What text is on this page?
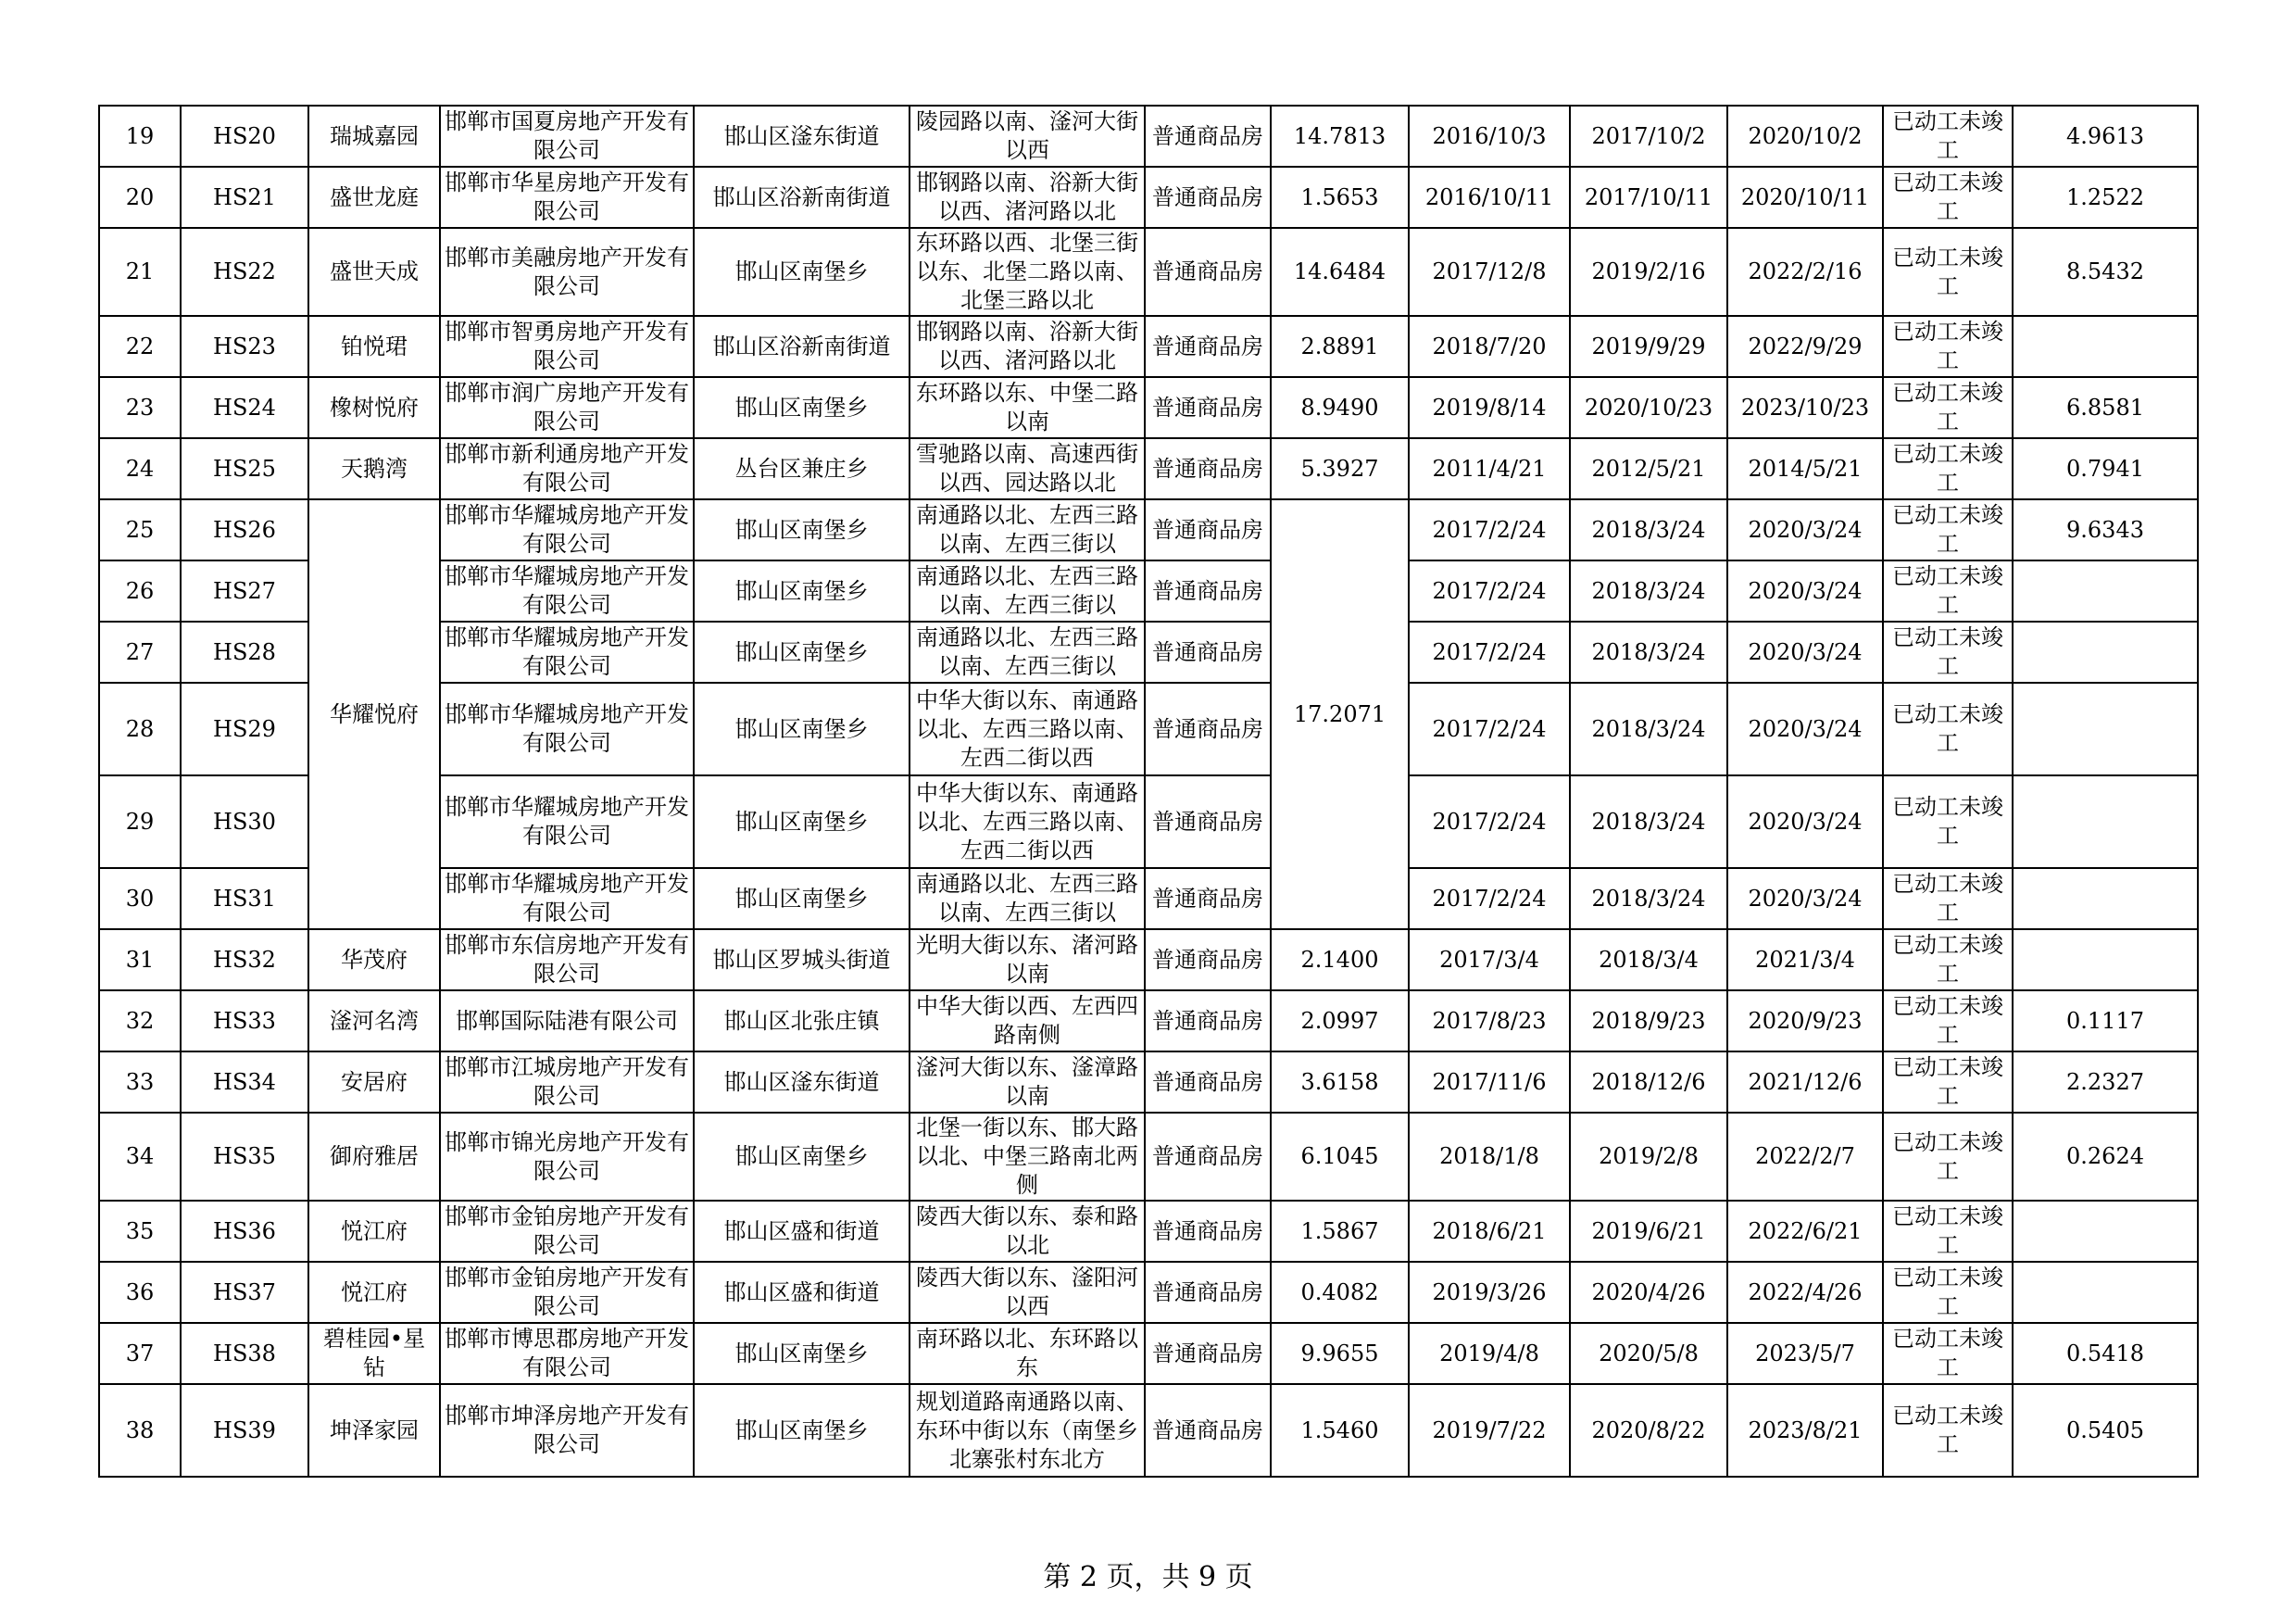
19	HS20	瑞城嘉园	邯郸市国夏房地产开发有限公司	邯山区滏东街道	陵园路以南、滏河大街以西	普通商品房	14.7813	2016/10/3	2017/10/2	2020/10/2	已动工未竣工	4.9613
20	HS21	盛世龙庭	邯郸市华星房地产开发有限公司	邯山区浴新南街道	邯钢路以南、浴新大街以西、渚河路以北	普通商品房	1.5653	2016/10/11	2017/10/11	2020/10/11	已动工未竣工	1.2522
21	HS22	盛世天成	邯郸市美融房地产开发有限公司	邯山区南堡乡	东环路以西、北堡三街以东、北堡二路以南、北堡三路以北	普通商品房	14.6484	2017/12/8	2019/2/16	2022/2/16	已动工未竣工	8.5432
22	HS23	铂悦珺	邯郸市智勇房地产开发有限公司	邯山区浴新南街道	邯钢路以南、浴新大街以西、渚河路以北	普通商品房	2.8891	2018/7/20	2019/9/29	2022/9/29	已动工未竣工	
23	HS24	橡树悦府	邯郸市润广房地产开发有限公司	邯山区南堡乡	东环路以东、中堡二路以南	普通商品房	8.9490	2019/8/14	2020/10/23	2023/10/23	已动工未竣工	6.8581
24	HS25	天鹅湾	邯郸市新利通房地产开发有限公司	丛台区兼庄乡	雪驰路以南、高速西街以西、园达路以北	普通商品房	5.3927	2011/4/21	2012/5/21	2014/5/21	已动工未竣工	0.7941
25	HS26	华耀悦府	邯郸市华耀城房地产开发有限公司	邯山区南堡乡	南通路以北、左西三路以南、左西三街以	普通商品房	17.2071	2017/2/24	2018/3/24	2020/3/24	已动工未竣工	9.6343
26	HS27		邯郸市华耀城房地产开发有限公司	邯山区南堡乡	南通路以北、左西三路以南、左西三街以	普通商品房		2017/2/24	2018/3/24	2020/3/24	已动工未竣工	
27	HS28		邯郸市华耀城房地产开发有限公司	邯山区南堡乡	南通路以北、左西三路以南、左西三街以	普通商品房		2017/2/24	2018/3/24	2020/3/24	已动工未竣工	
28	HS29		邯郸市华耀城房地产开发有限公司	邯山区南堡乡	中华大街以东、南通路以北、左西三路以南、左西二街以西	普通商品房		2017/2/24	2018/3/24	2020/3/24	已动工未竣工	
29	HS30		邯郸市华耀城房地产开发有限公司	邯山区南堡乡	中华大街以东、南通路以北、左西三路以南、左西二街以西	普通商品房		2017/2/24	2018/3/24	2020/3/24	已动工未竣工	
30	HS31		邯郸市华耀城房地产开发有限公司	邯山区南堡乡	南通路以北、左西三路以南、左西三街以	普通商品房		2017/2/24	2018/3/24	2020/3/24	已动工未竣工	
31	HS32	华茂府	邯郸市东信房地产开发有限公司	邯山区罗城头街道	光明大街以东、渚河路以南	普通商品房	2.1400	2017/3/4	2018/3/4	2021/3/4	已动工未竣工	
32	HS33	滏河名湾	邯郸国际陆港有限公司	邯山区北张庄镇	中华大街以西、左西四路南侧	普通商品房	2.0997	2017/8/23	2018/9/23	2020/9/23	已动工未竣工	0.1117
33	HS34	安居府	邯郸市江城房地产开发有限公司	邯山区滏东街道	滏河大街以东、滏漳路以南	普通商品房	3.6158	2017/11/6	2018/12/6	2021/12/6	已动工未竣工	2.2327
34	HS35	御府雅居	邯郸市锦光房地产开发有限公司	邯山区南堡乡	北堡一街以东、邯大路以北、中堡三路南北两侧	普通商品房	6.1045	2018/1/8	2019/2/8	2022/2/7	已动工未竣工	0.2624
35	HS36	悦江府	邯郸市金铂房地产开发有限公司	邯山区盛和街道	陵西大街以东、泰和路以北	普通商品房	1.5867	2018/6/21	2019/6/21	2022/6/21	已动工未竣工	
36	HS37	悦江府	邯郸市金铂房地产开发有限公司	邯山区盛和街道	陵西大街以东、滏阳河以西	普通商品房	0.4082	2019/3/26	2020/4/26	2022/4/26	已动工未竣工	
37	HS38	碧桂园•星钻	邯郸市博思郡房地产开发有限公司	邯山区南堡乡	南环路以北、东环路以东	普通商品房	9.9655	2019/4/8	2020/5/8	2023/5/7	已动工未竣工	0.5418
38	HS39	坤泽家园	邯郸市坤泽房地产开发有限公司	邯山区南堡乡	规划道路南通路以南、东环中街以东（南堡乡北寨张村东北方	普通商品房	1.5460	2019/7/22	2020/8/22	2023/8/21	已动工未竣工	0.5405
第 2 页，共 9 页
